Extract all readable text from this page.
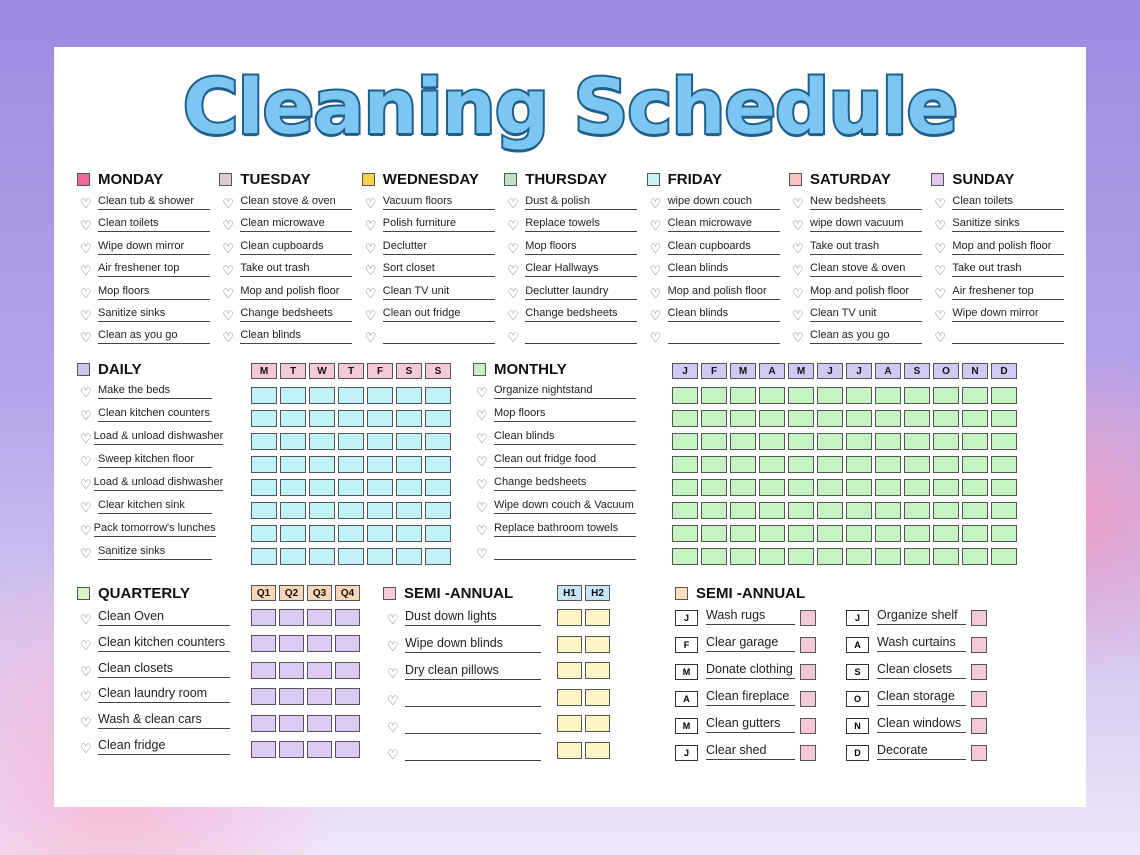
Cleaning Schedule
MONDAY
♡ Clean tub & shower
♡ Clean toilets
♡ Wipe down mirror
♡ Air freshener top
♡ Mop floors
♡ Sanitize sinks
♡ Clean as you go
TUESDAY
♡ Clean stove & oven
♡ Clean microwave
♡ Clean cupboards
♡ Take out trash
♡ Mop and polish floor
♡ Change bedsheets
♡ Clean blinds
WEDNESDAY
♡ Vacuum floors
♡ Polish furniture
♡ Declutter
♡ Sort closet
♡ Clean TV unit
♡ Clean out fridge
♡

THURSDAY
♡ Dust & polish
♡ Replace towels
♡ Mop floors
♡ Clear Hallways
♡ Declutter laundry
♡ Change bedsheets
♡

FRIDAY
♡ wipe down couch
♡ Clean microwave
♡ Clean cupboards
♡ Clean blinds
♡ Mop and polish floor
♡ Clean blinds
♡

SATURDAY
♡ New bedsheets
♡ wipe down vacuum
♡ Take out trash
♡ Clean stove & oven
♡ Mop and polish floor
♡ Clean TV unit
♡ Clean as you go
SUNDAY
♡ Clean toilets
♡ Sanitize sinks
♡ Mop and polish floor
♡ Take out trash
♡ Air freshener top
♡ Wipe down mirror
♡

DAILY
♡ Make the beds
♡ Clean kitchen counters
♡ Load & unload dishwasher
♡ Sweep kitchen floor
♡ Load & unload dishwasher
♡ Clear kitchen sink
♡ Pack tomorrow's lunches
♡ Sanitize sinks
M	T	W	T	F	S	S	MONTHLY
♡ Organize nightstand
♡ Mop floors
♡ Clean blinds
♡ Clean out fridge food
♡ Change bedsheets
♡ Wipe down couch & Vacuum
♡ Replace bathroom towels
♡

J	F	M	A	M	J	J	A	S	O	N	D
QUARTERLY
♡ Clean Oven
♡ Clean kitchen counters
♡ Clean closets
♡ Clean laundry room
♡ Wash & clean cars
♡ Clean fridge
Q1	Q2	Q3	Q4	SEMI -ANNUAL
♡ Dust down lights
♡ Wipe down blinds
♡ Dry clean pillows
♡

♡

♡

H1	H2	SEMI -ANNUAL
J	Wash rugs
F	Clear garage
M	Donate clothing
A	Clean fireplace
M	Clean gutters
J	Clear shed
J	Organize shelf
A	Wash curtains
S	Clean closets
O	Clean storage
N	Clean windows
D	Decorate
